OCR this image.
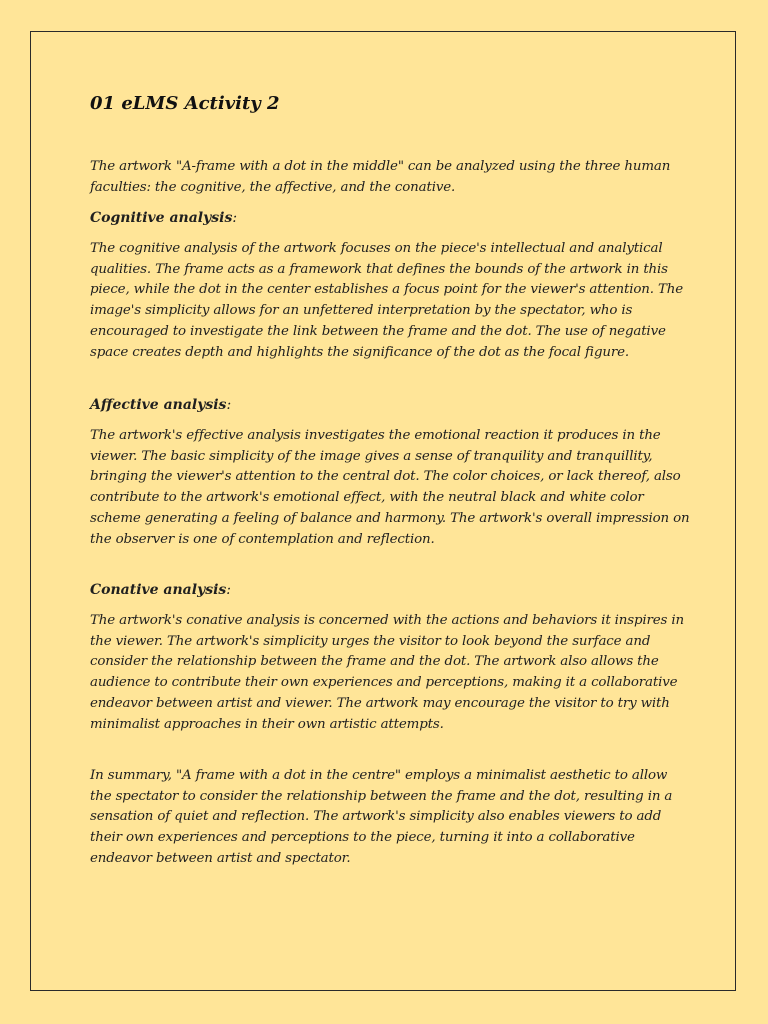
01 eLMS Activity 2

The artwork "A-frame with a dot in the middle" can be analyzed using the three human faculties: the cognitive, the affective, and the conative.

Cognitive analysis:

The cognitive analysis of the artwork focuses on the piece's intellectual and analytical qualities. The frame acts as a framework that defines the bounds of the artwork in this piece, while the dot in the center establishes a focus point for the viewer's attention. The image's simplicity allows for an unfettered interpretation by the spectator, who is encouraged to investigate the link between the frame and the dot. The use of negative space creates depth and highlights the significance of the dot as the focal figure.

Affective analysis:

The artwork's effective analysis investigates the emotional reaction it produces in the viewer. The basic simplicity of the image gives a sense of tranquility and tranquillity, bringing the viewer's attention to the central dot. The color choices, or lack thereof, also contribute to the artwork's emotional effect, with the neutral black and white color scheme generating a feeling of balance and harmony. The artwork's overall impression on the observer is one of contemplation and reflection.

Conative analysis:

The artwork's conative analysis is concerned with the actions and behaviors it inspires in the viewer. The artwork's simplicity urges the visitor to look beyond the surface and consider the relationship between the frame and the dot. The artwork also allows the audience to contribute their own experiences and perceptions, making it a collaborative endeavor between artist and viewer. The artwork may encourage the visitor to try with minimalist approaches in their own artistic attempts.

In summary, "A frame with a dot in the centre" employs a minimalist aesthetic to allow the spectator to consider the relationship between the frame and the dot, resulting in a sensation of quiet and reflection. The artwork's simplicity also enables viewers to add their own experiences and perceptions to the piece, turning it into a collaborative endeavor between artist and spectator.
